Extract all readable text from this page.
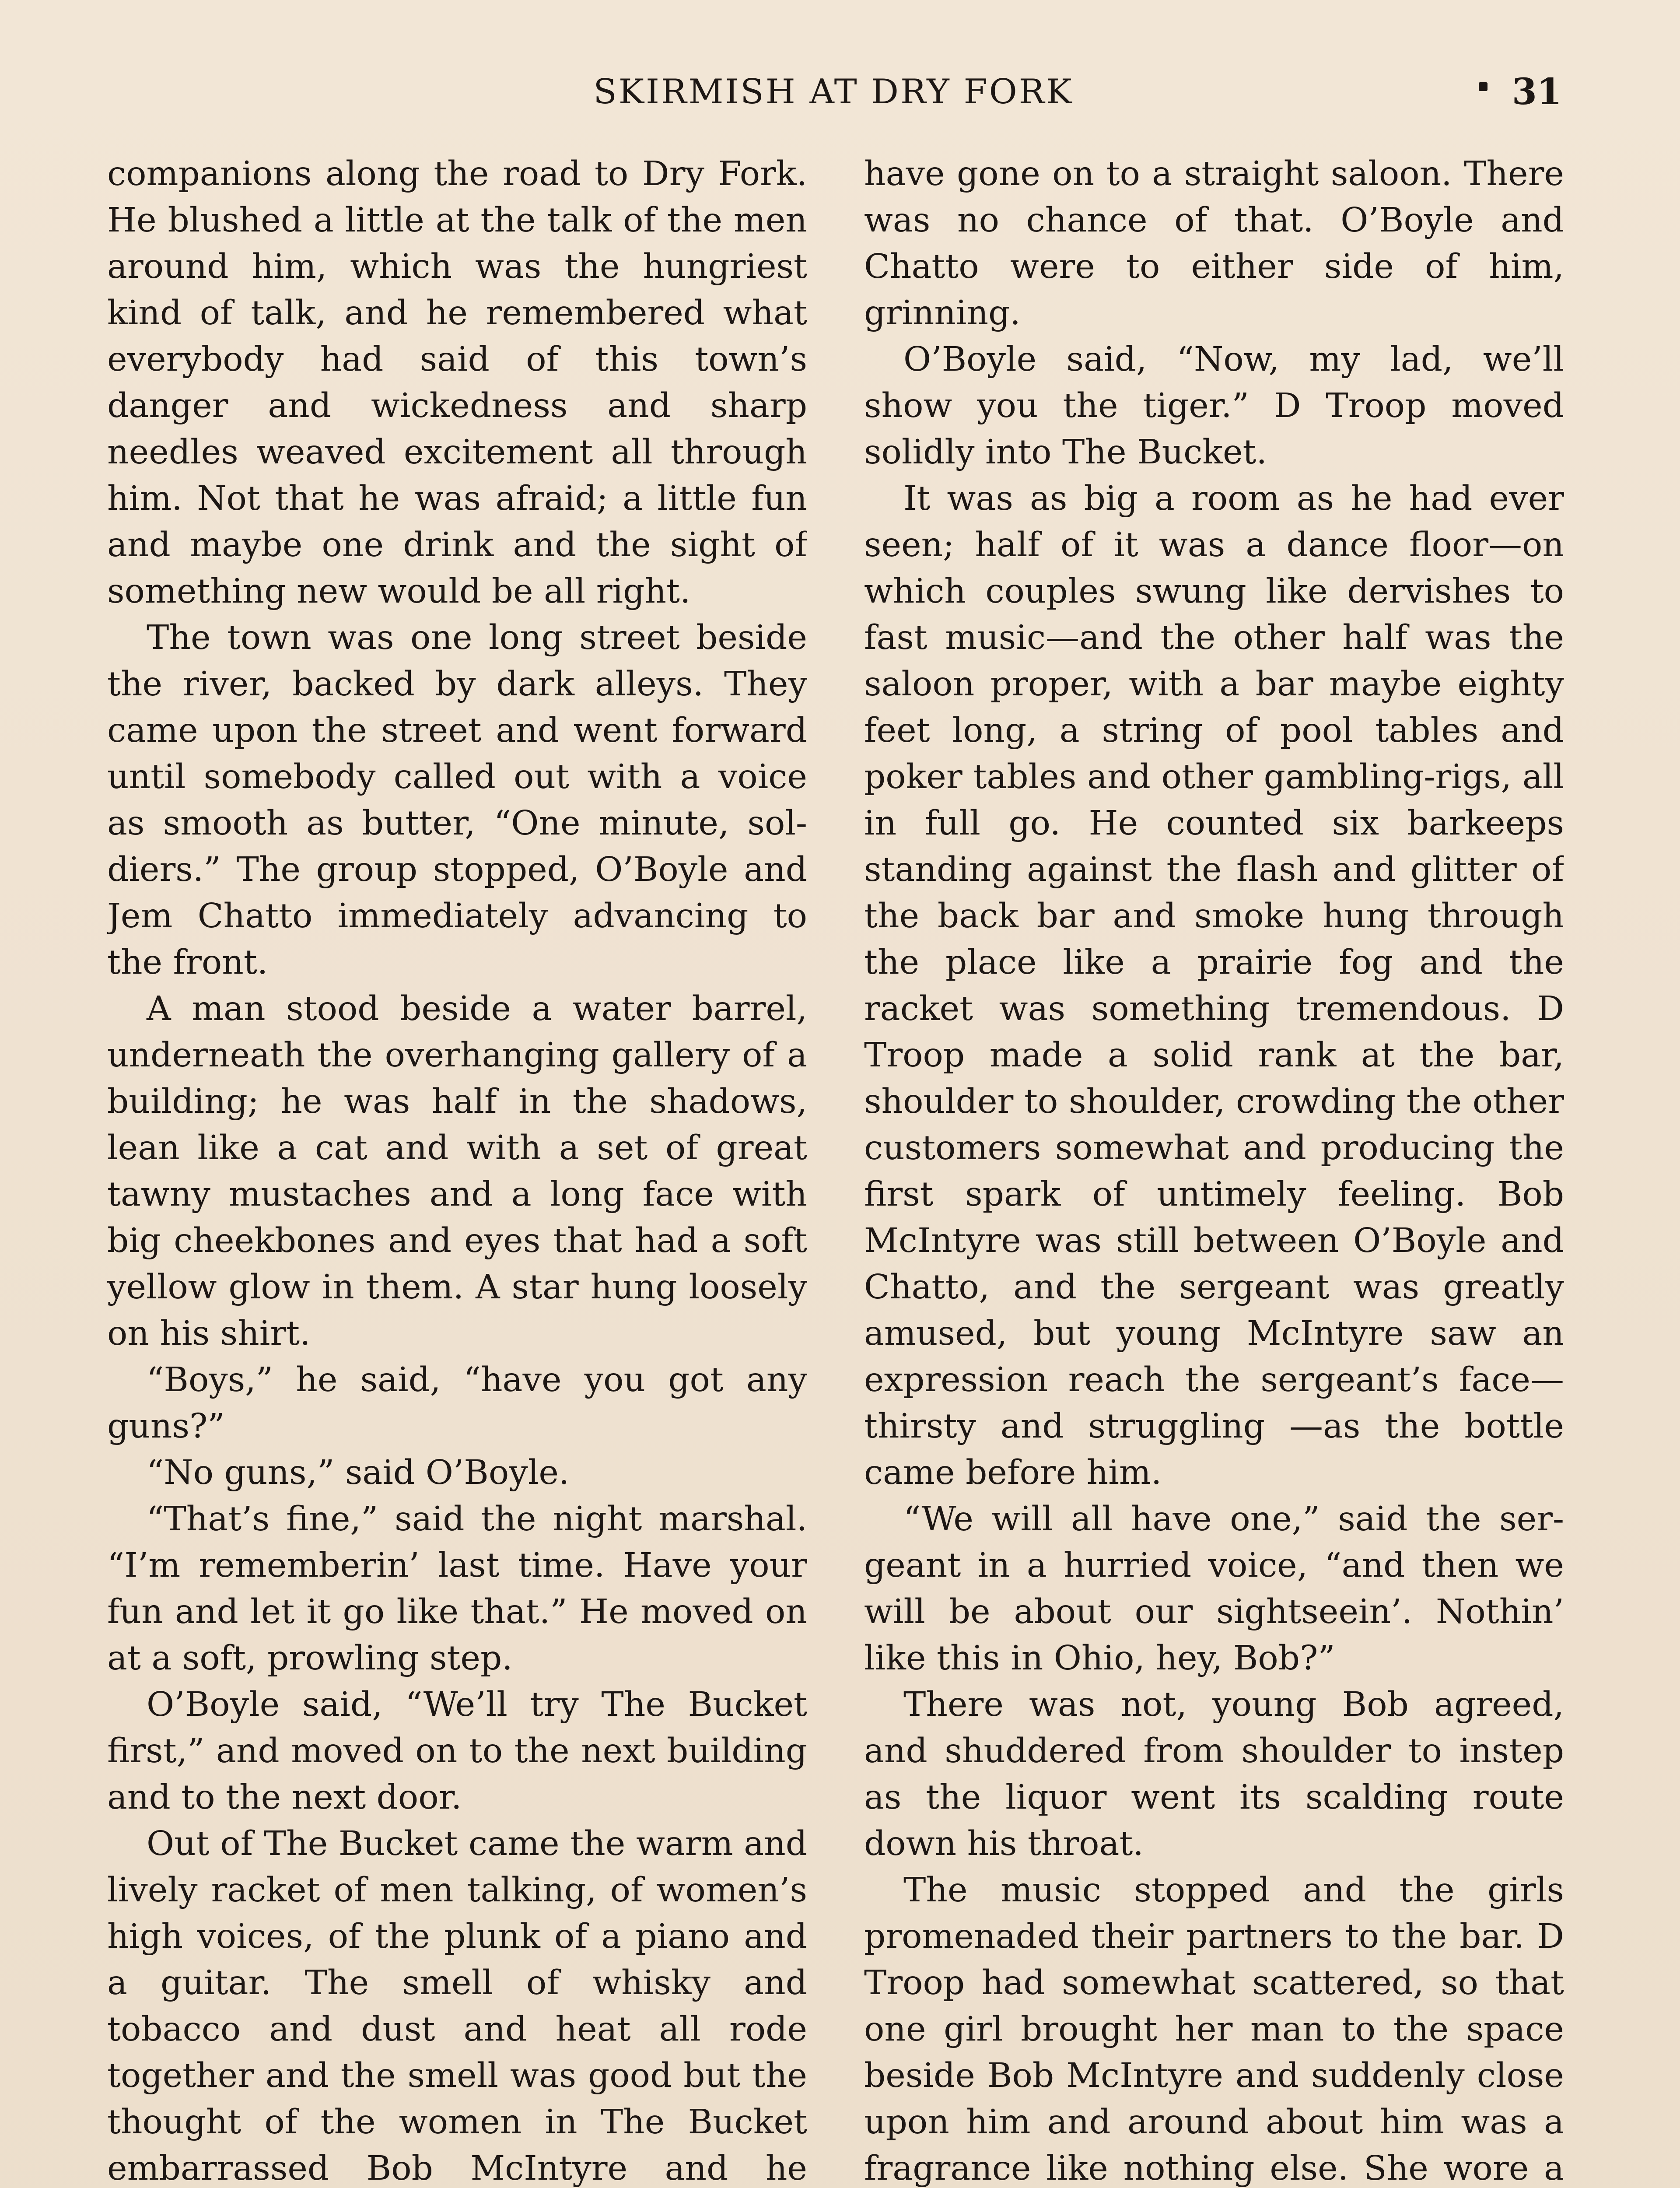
SKIRMISH AT DRY FORK	31

companions along the road to Dry Fork. He blushed a little at the talk of the men around him, which was the hungriest kind of talk, and he remembered what everybody had said of this town’s danger and wickedness and sharp needles weaved excitement all through him. Not that he was afraid; a little fun and maybe one drink and the sight of something new would be all right.

The town was one long street beside the river, backed by dark alleys. They came upon the street and went forward until somebody called out with a voice as smooth as butter, “One minute, soldiers.” The group stopped, O’Boyle and Jem Chatto immediately advancing to the front.

A man stood beside a water barrel, underneath the overhanging gallery of a building; he was half in the shadows, lean like a cat and with a set of great tawny mustaches and a long face with big cheekbones and eyes that had a soft yellow glow in them. A star hung loosely on his shirt.

“Boys,” he said, “have you got any guns?”

“No guns,” said O’Boyle.

“That’s fine,” said the night marshal. “I’m rememberin’ last time. Have your fun and let it go like that.” He moved on at a soft, prowling step.

O’Boyle said, “We’ll try The Bucket first,” and moved on to the next building and to the next door.

Out of The Bucket came the warm and lively racket of men talking, of women’s high voices, of the plunk of a piano and a guitar. The smell of whisky and tobacco and dust and heat all rode together and the smell was good but the thought of the women in The Bucket embarrassed Bob McIntyre and he

have gone on to a straight saloon. There was no chance of that. O’Boyle and Chatto were to either side of him, grinning.

O’Boyle said, “Now, my lad, we’ll show you the tiger.” D Troop moved solidly into The Bucket.

It was as big a room as he had ever seen; half of it was a dance floor—on which couples swung like dervishes to fast music—and the other half was the saloon proper, with a bar maybe eighty feet long, a string of pool tables and poker tables and other gambling-rigs, all in full go. He counted six barkeeps standing against the flash and glitter of the back bar and smoke hung through the place like a prairie fog and the racket was something tremendous. D Troop made a solid rank at the bar, shoulder to shoulder, crowding the other customers somewhat and producing the first spark of untimely feeling. Bob McIntyre was still between O’Boyle and Chatto, and the sergeant was greatly amused, but young McIntyre saw an expression reach the sergeant’s face—thirsty and struggling —as the bottle came before him.

“We will all have one,” said the sergeant in a hurried voice, “and then we will be about our sightseein’. Nothin’ like this in Ohio, hey, Bob?”

There was not, young Bob agreed, and shuddered from shoulder to instep as the liquor went its scalding route down his throat.

The music stopped and the girls promenaded their partners to the bar. D Troop had somewhat scattered, so that one girl brought her man to the space beside Bob McIntyre and suddenly close upon him and around about him was a fragrance like nothing else. She wore a
